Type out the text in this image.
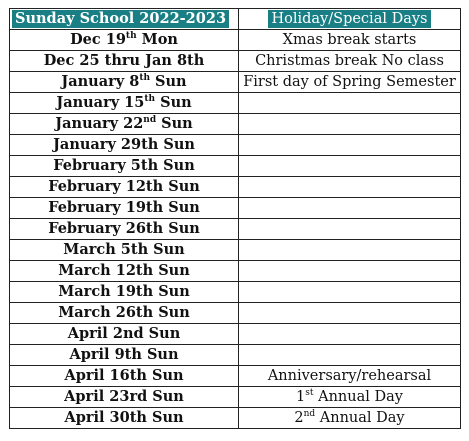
Sunday School 2022-2023	Holiday/Special Days
Dec 19th Mon	Xmas break starts
Dec 25 thru Jan 8th	Christmas break No class
January 8th Sun	First day of Spring Semester
January 15th Sun	
January 22nd Sun	
January 29th Sun	
February 5th Sun	
February 12th Sun	
February 19th Sun	
February 26th Sun	
March 5th Sun	
March 12th Sun	
March 19th Sun	
March 26th Sun	
April 2nd Sun	
April 9th Sun	
April 16th Sun	Anniversary/rehearsal
April 23rd Sun	1st Annual Day
April 30th Sun	2nd Annual Day
